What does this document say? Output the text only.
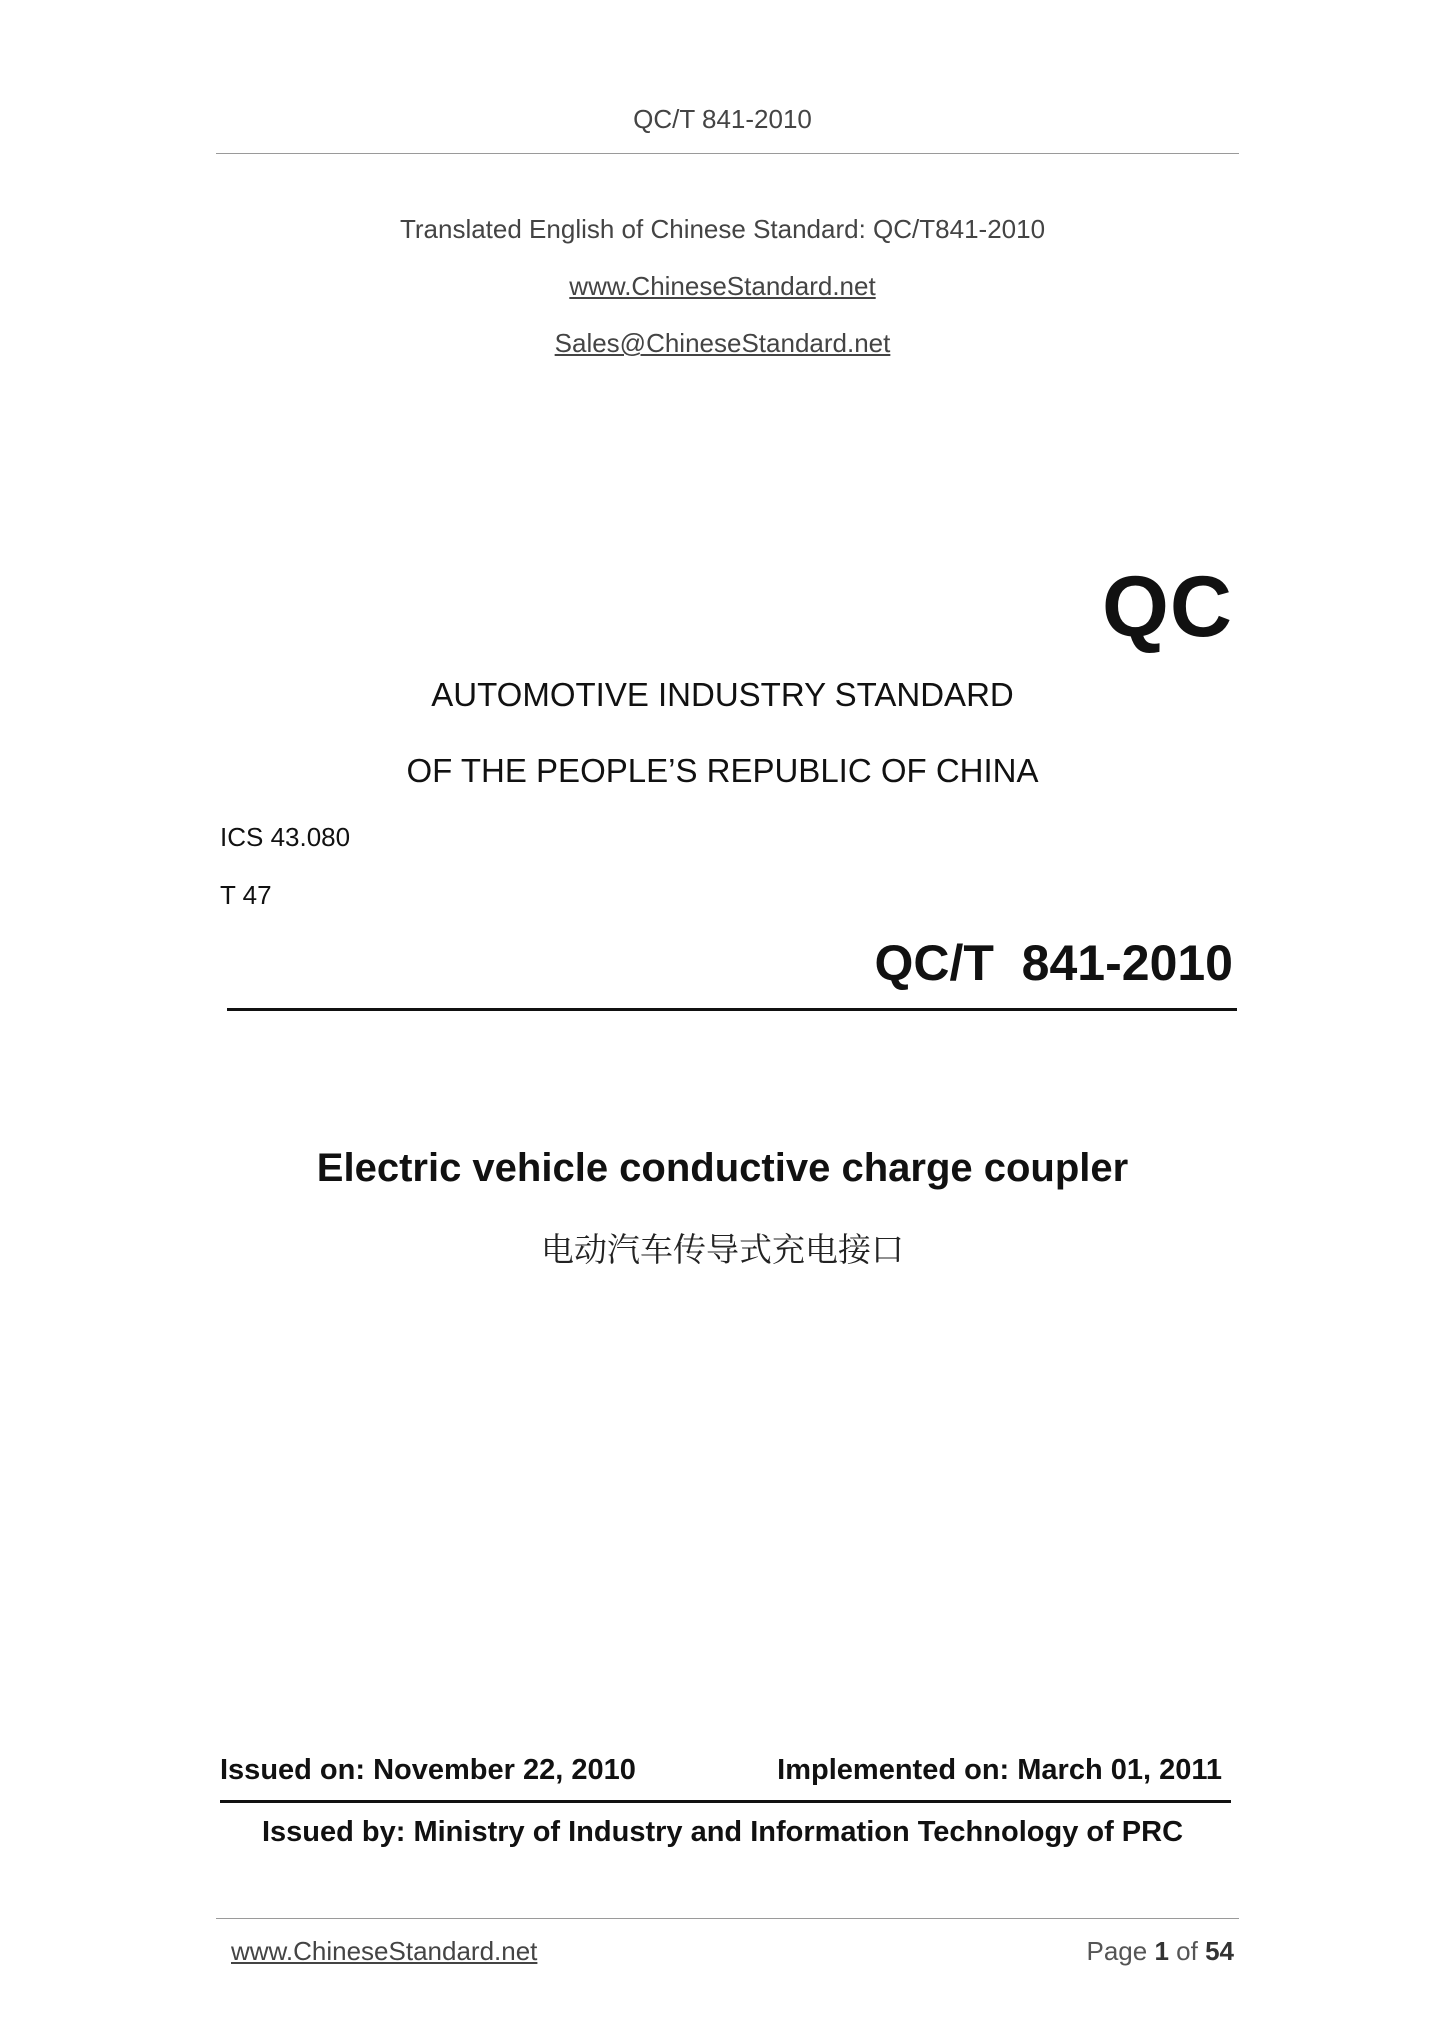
QC/T 841-2010
Translated English of Chinese Standard: QC/T841-2010
www.ChineseStandard.net
Sales@ChineseStandard.net
QC
AUTOMOTIVE INDUSTRY STANDARD
OF THE PEOPLE’S REPUBLIC OF CHINA
ICS 43.080
T 47
QC/T  841-2010
Electric vehicle conductive charge coupler
电动汽车传导式充电接口
Issued on: November 22, 2010	Implemented on: March 01, 2011
Issued by: Ministry of Industry and Information Technology of PRC
www.ChineseStandard.net	Page 1 of 54
